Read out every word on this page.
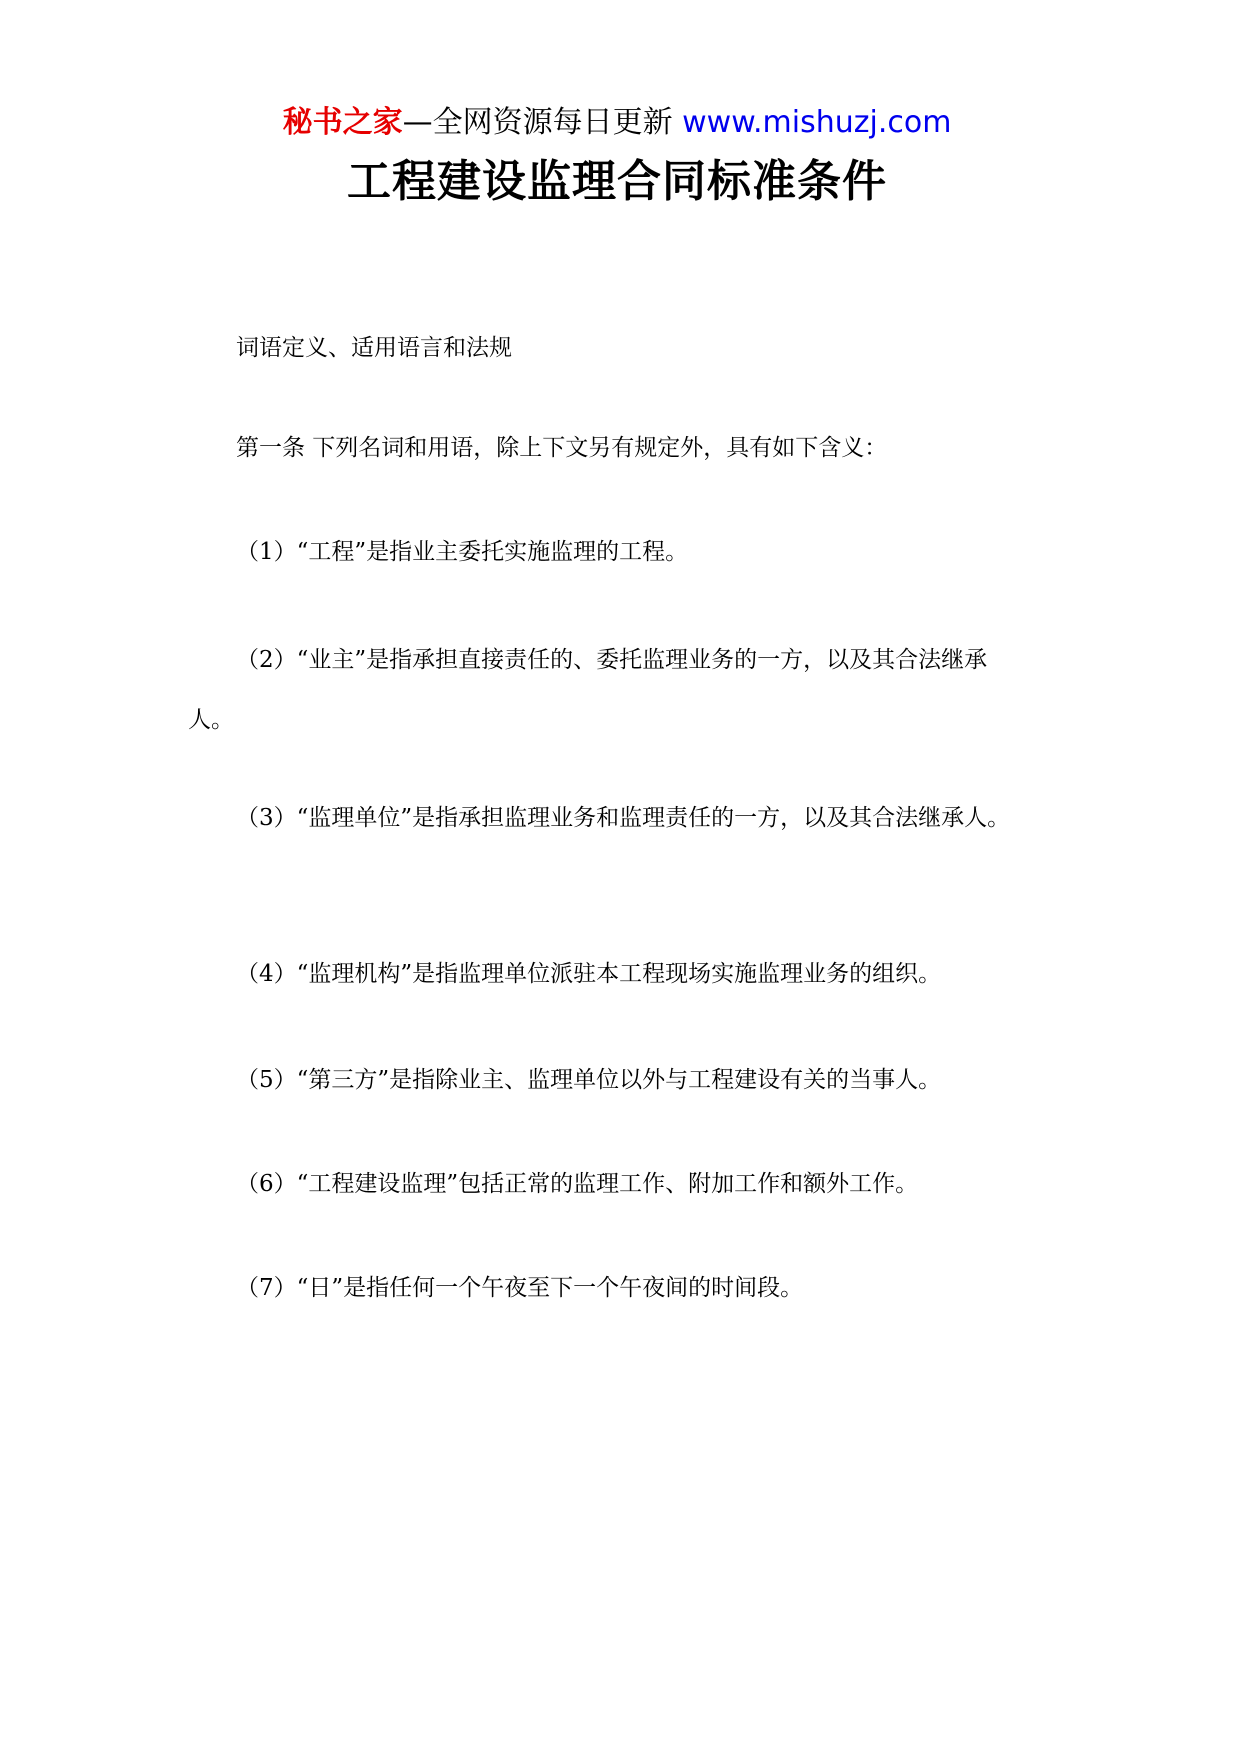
秘书之家—全网资源每日更新 www.mishuzj.com
工程建设监理合同标准条件

词语定义、适用语言和法规

第一条 下列名词和用语，除上下文另有规定外，具有如下含义：

（1）“工程”是指业主委托实施监理的工程。

（2）“业主”是指承担直接责任的、委托监理业务的一方，以及其合法继承人。

（3）“监理单位”是指承担监理业务和监理责任的一方，以及其合法继承人。

（4）“监理机构”是指监理单位派驻本工程现场实施监理业务的组织。

（5）“第三方”是指除业主、监理单位以外与工程建设有关的当事人。

（6）“工程建设监理”包括正常的监理工作、附加工作和额外工作。

（7）“日”是指任何一个午夜至下一个午夜间的时间段。
